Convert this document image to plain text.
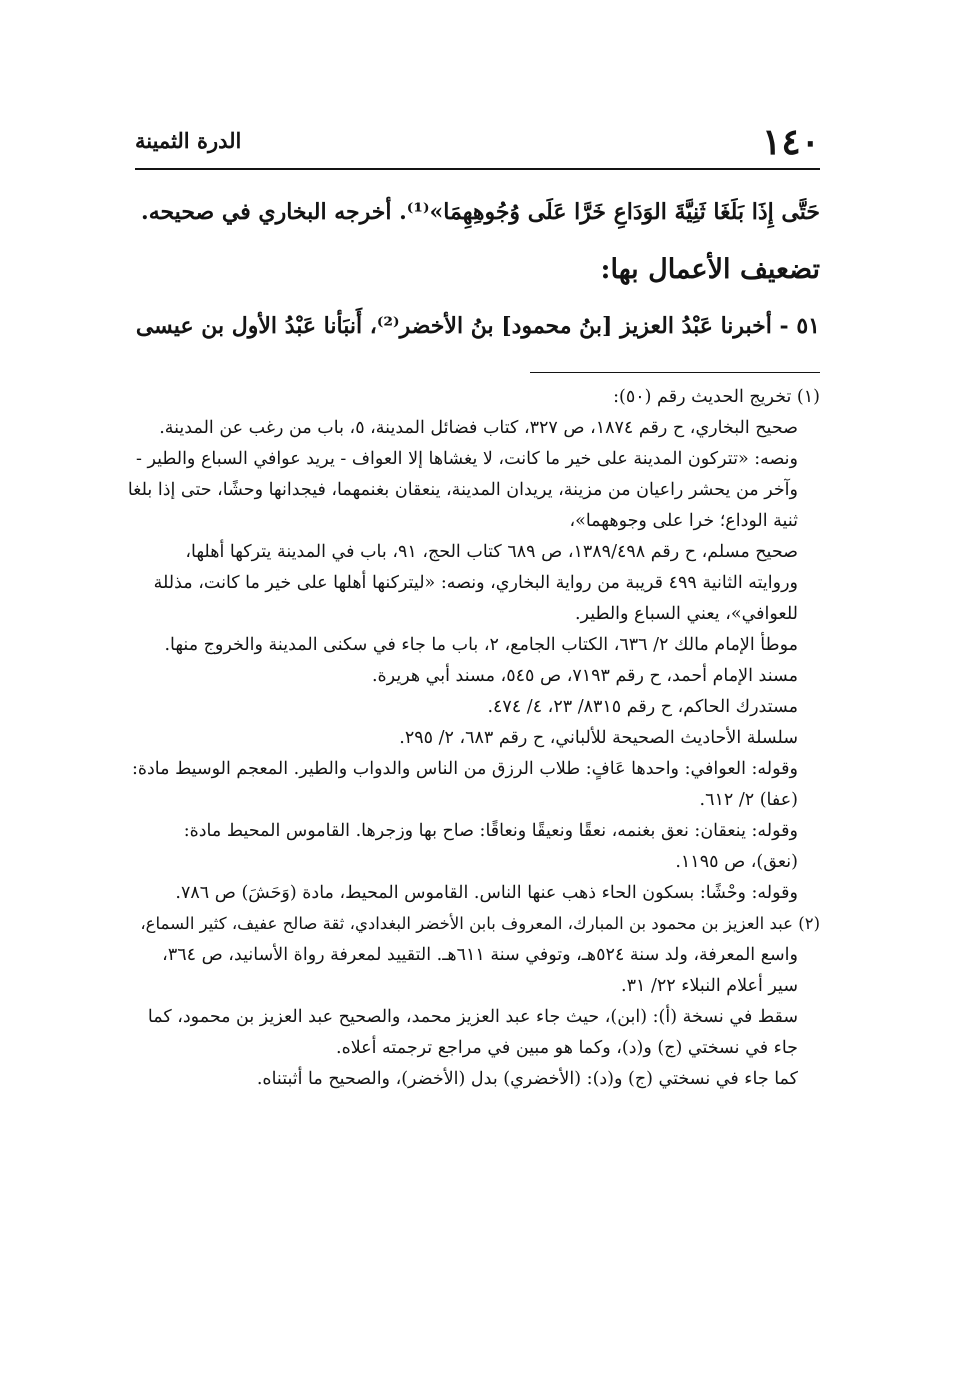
١٤٠
الدرة الثمينة
حَتَّى إِذَا بَلَغَا ثَنِيَّةَ الوَدَاعِ خَرَّا عَلَى وُجُوهِهِمَا»⁽¹⁾. أخرجه البخاري في صحيحه.
تضعيف الأعمال بها:
٥١ - أخبرنا عَبْدُ العزيز [بنُ محمود] بنُ الأخضر⁽²⁾، أَنبَأنا عَبْدُ الأول بن عيسى
(١) تخريج الحديث رقم (٥٠):
صحيح البخاري، ح رقم ١٨٧٤، ص ٣٢٧، كتاب فضائل المدينة، ٥، باب من رغب عن المدينة.
ونصه: «تتركون المدينة على خير ما كانت، لا يغشاها إلا العواف - يريد عوافي السباع والطير -
وآخر من يحشر راعيان من مزينة، يريدان المدينة، ينعقان بغنمهما، فيجدانها وحشًا، حتى إذا بلغا
ثنية الوداع؛ خرا على وجوههما»،
صحيح مسلم، ح رقم ١٣٨٩/٤٩٨، ص ٦٨٩ كتاب الحج، ٩١، باب في المدينة يتركها أهلها،
وروايته الثانية ٤٩٩ قريبة من رواية البخاري، ونصه: «ليتركنها أهلها على خير ما كانت، مذللة
للعوافي»، يعني السباع والطير.
موطأ الإمام مالك ٢/ ٦٣٦، الكتاب الجامع، ٢، باب ما جاء في سكنى المدينة والخروج منها.
مسند الإمام أحمد، ح رقم ٧١٩٣، ص ٥٤٥، مسند أبي هريرة.
مستدرك الحاكم، ح رقم ٨٣١٥/ ٢٣، ٤/ ٤٧٤.
سلسلة الأحاديث الصحيحة للألباني، ح رقم ٦٨٣، ٢/ ٢٩٥.
وقوله: العوافي: واحدها عَافٍ: طلاب الرزق من الناس والدواب والطير. المعجم الوسيط مادة:
(عفا) ٢/ ٦١٢.
وقوله: ينعقان: نعق بغنمه، نعقًا ونعيقًا ونعاقًا: صاح بها وزجرها. القاموس المحيط مادة:
(نعق)، ص ١١٩٥.
وقوله: وحْشًا: بسكون الحاء ذهب عنها الناس. القاموس المحيط، مادة (وَحَشَ) ص ٧٨٦.
(٢) عبد العزيز بن محمود بن المبارك، المعروف بابن الأخضر البغدادي، ثقة صالح عفيف، كثير السماع،
واسع المعرفة، ولد سنة ٥٢٤هـ، وتوفي سنة ٦١١هـ. التقييد لمعرفة رواة الأسانيد، ص ٣٦٤،
سير أعلام النبلاء ٢٢/ ٣١.
سقط في نسخة (أ): (ابن)، حيث جاء عبد العزيز محمد، والصحيح عبد العزيز بن محمود، كما
جاء في نسختي (ج) و(د)، وكما هو مبين في مراجع ترجمته أعلاه.
كما جاء في نسختي (ج) و(د): (الأخضري) بدل (الأخضر)، والصحيح ما أثبتناه.
